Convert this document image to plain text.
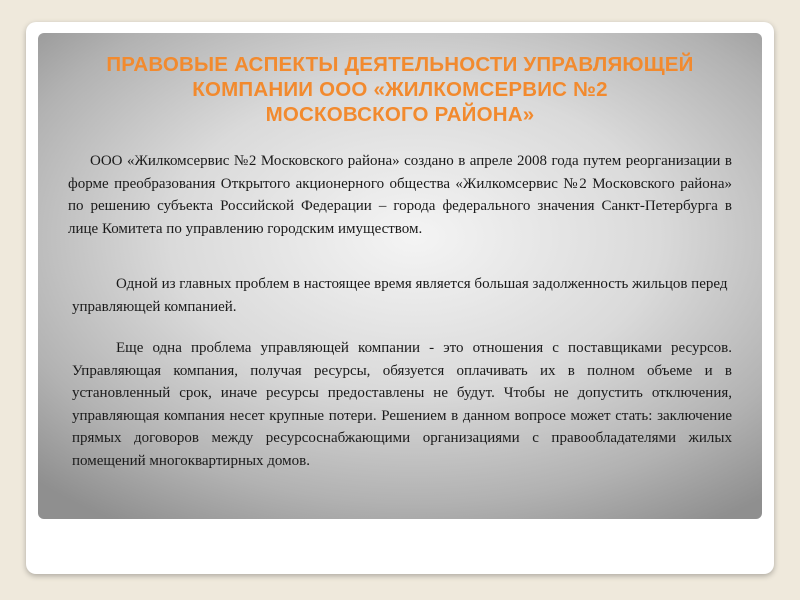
ПРАВОВЫЕ АСПЕКТЫ ДЕЯТЕЛЬНОСТИ УПРАВЛЯЮЩЕЙ
КОМПАНИИ ООО «ЖИЛКОМСЕРВИС №2
МОСКОВСКОГО РАЙОНА»

ООО «Жилкомсервис №2 Московского района» создано в апреле 2008 года путем реорганизации в форме преобразования Открытого акционерного общества «Жилкомсервис №2 Московского района» по решению субъекта Российской Федерации – города федерального значения Санкт-Петербурга в лице Комитета по управлению городским имуществом.

Одной из главных проблем в настоящее время является большая задолженность жильцов перед управляющей компанией.

Еще одна проблема управляющей компании - это отношения с поставщиками ресурсов. Управляющая компания, получая ресурсы, обязуется оплачивать их в полном объеме и в установленный срок, иначе ресурсы предоставлены не будут. Чтобы не допустить отключения, управляющая компания несет крупные потери. Решением в данном вопросе может стать: заключение прямых договоров между ресурсоснабжающими организациями с правообладателями жилых помещений многоквартирных домов.
